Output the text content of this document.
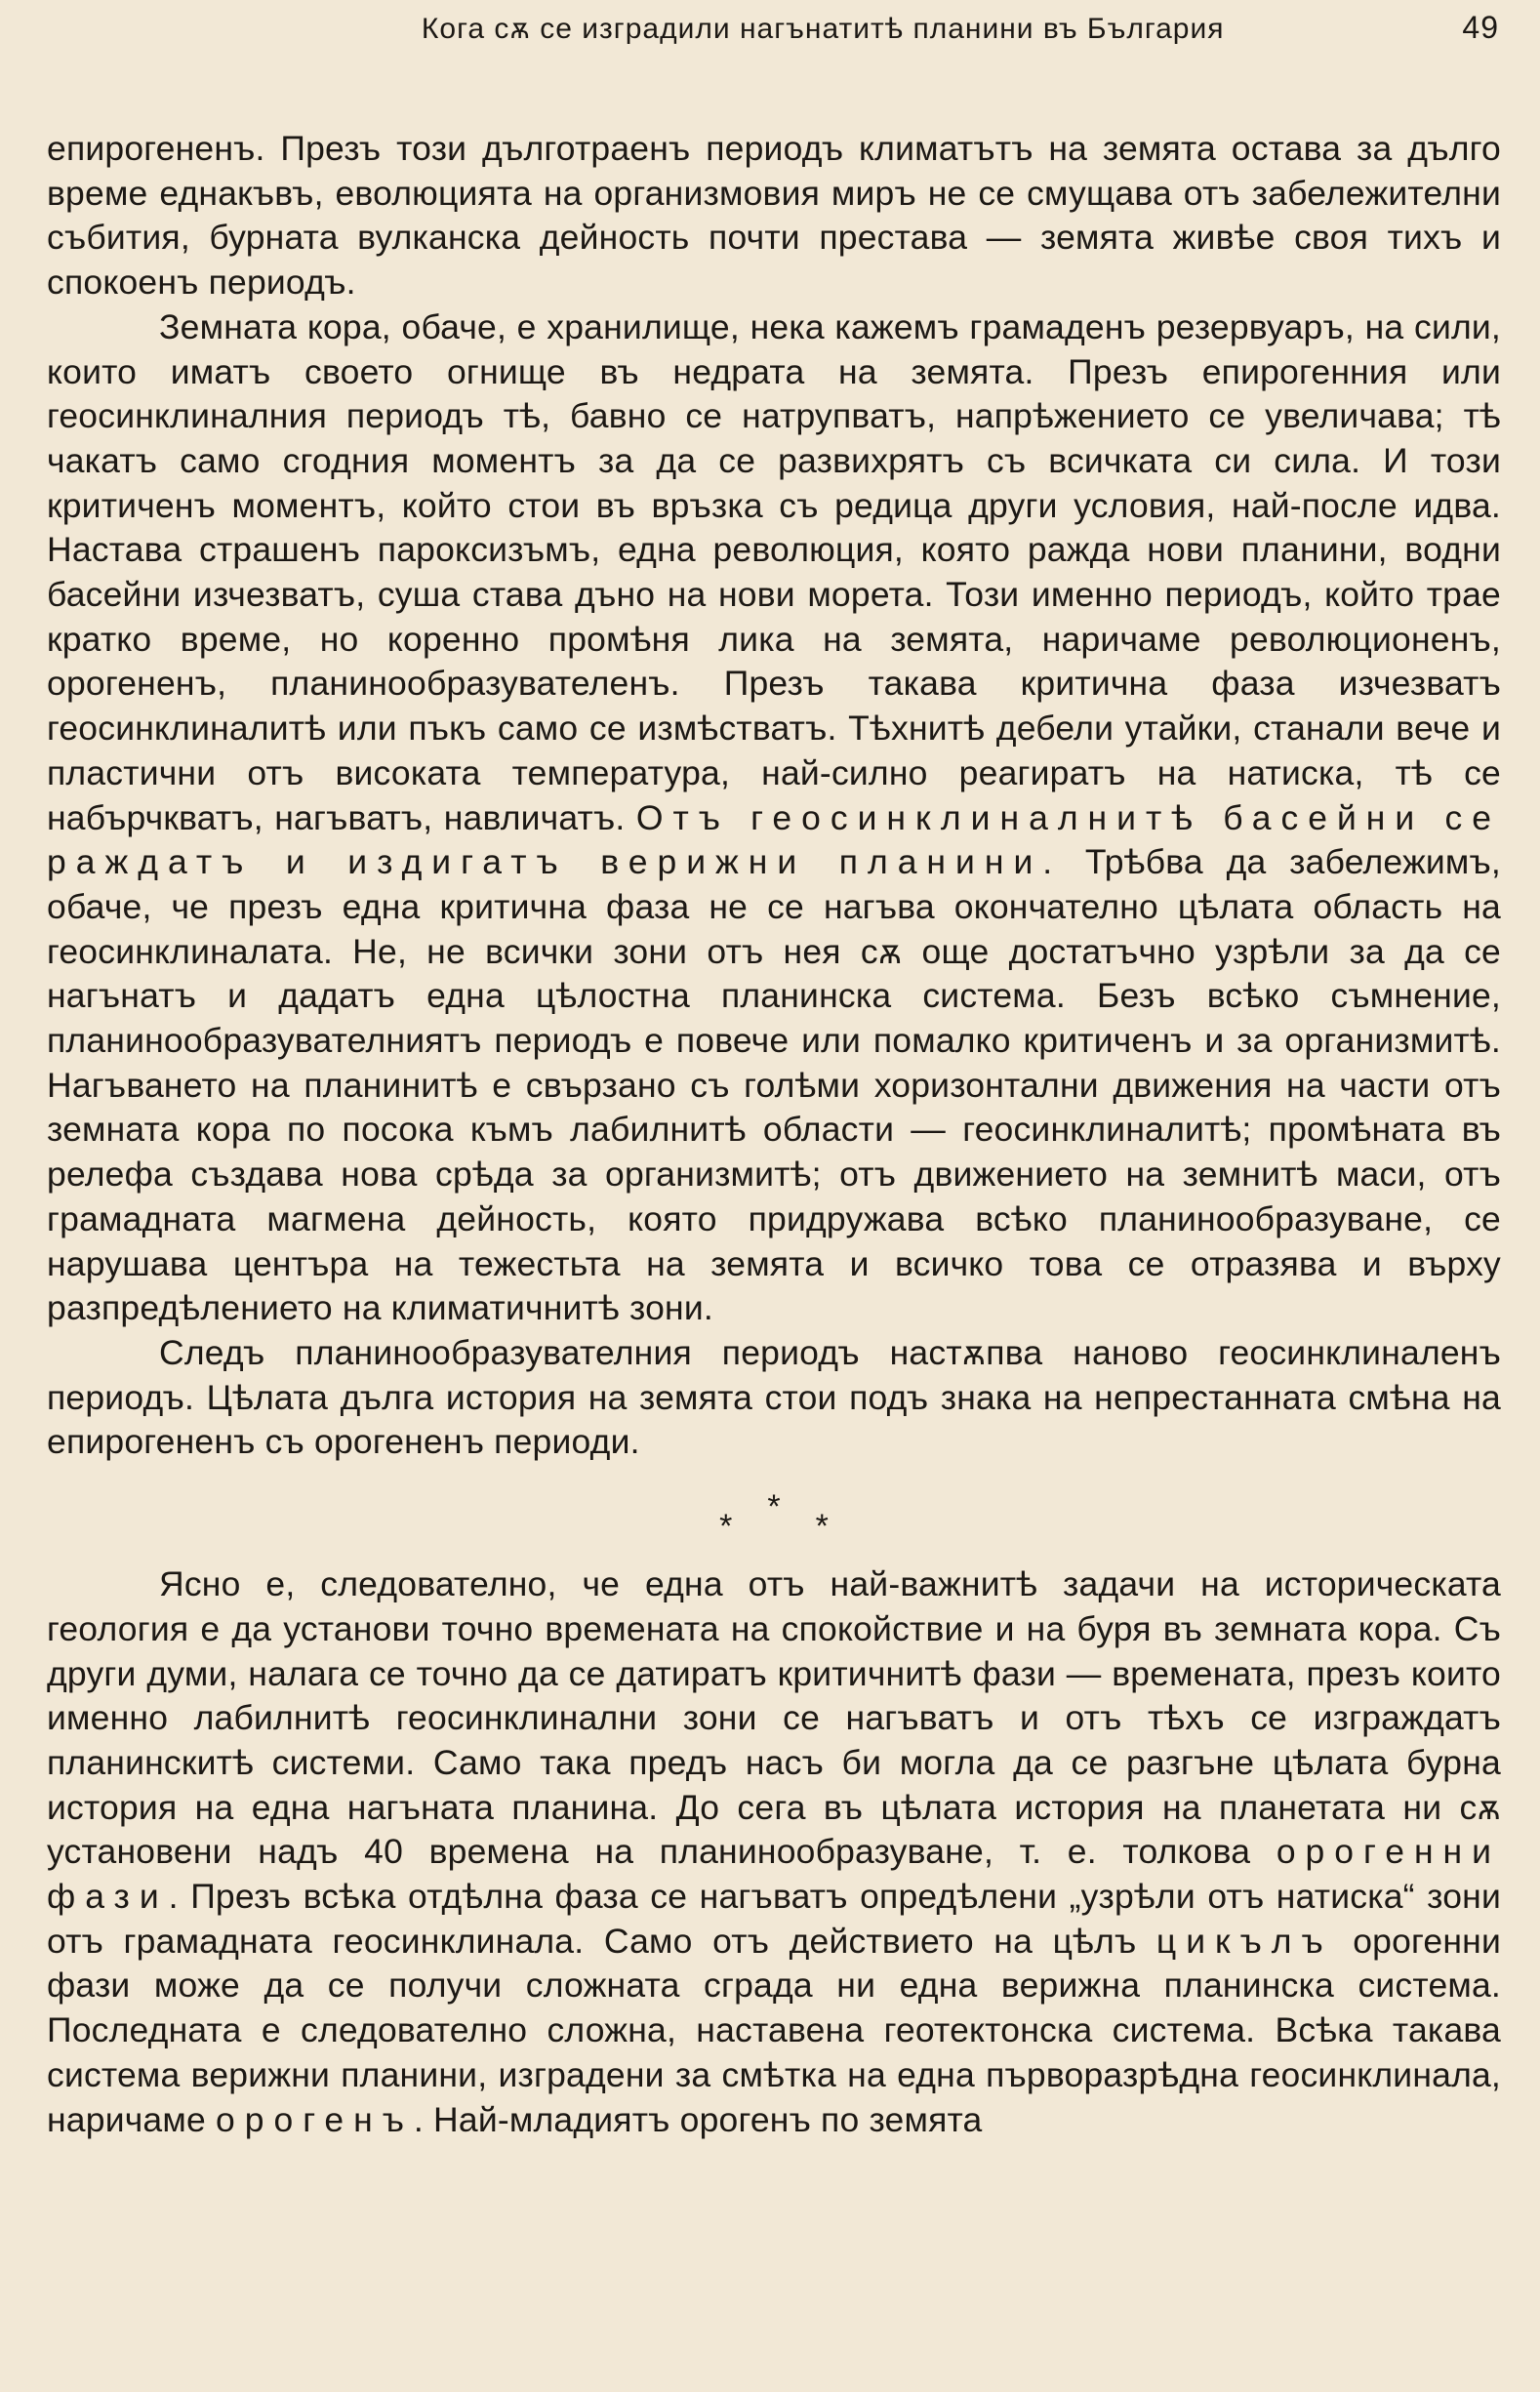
Кога сѫ се изградили нагънатитѣ планини въ България	49

епирогененъ. Презъ този дълготраенъ периодъ климатътъ на земята остава за дълго време еднакъвъ, еволюцията на организмовия миръ не се смущава отъ забележителни събития, бурната вулканска дейность почти престава — земята живѣе своя тихъ и спокоенъ периодъ.

Земната кора, обаче, е хранилище, нека кажемъ грамаденъ резервуаръ, на сили, които иматъ своето огнище въ недрата на земята. Презъ епирогенния или геосинклиналния периодъ тѣ, бавно се натрупватъ, напрѣжението се увеличава; тѣ чакатъ само сгодния моментъ за да се развихрятъ съ всичката си сила. И този критиченъ моментъ, който стои въ връзка съ редица други условия, най-после идва. Настава страшенъ пароксизъмъ, една революция, която ражда нови планини, водни басейни изчезватъ, суша става дъно на нови морета. Този именно периодъ, който трае кратко време, но коренно промѣня лика на земята, наричаме революционенъ, орогененъ, планинообразувателенъ. Презъ такава критична фаза изчезватъ геосинклиналитѣ или пъкъ само се измѣстватъ. Тѣхнитѣ дебели утайки, станали вече и пластични отъ високата температура, най-силно реагиратъ на натиска, тѣ се набърчкватъ, нагъватъ, навличатъ. Отъ геосинклиналнитѣ басейни се раждатъ и издигатъ верижни планини. Трѣбва да забележимъ, обаче, че презъ една критична фаза не се нагъва окончателно цѣлата область на геосинклиналата. Не, не всички зони отъ нея сѫ още достатъчно узрѣли за да се нагънатъ и дадатъ една цѣлостна планинска система. Безъ всѣко съмнение, планинообразувателниятъ периодъ е повече или помалко критиченъ и за организмитѣ. Нагъването на планинитѣ е свързано съ голѣми хоризонтални движения на части отъ земната кора по посока къмъ лабилнитѣ области — геосинклиналитѣ; промѣната въ релефа създава нова срѣда за организмитѣ; отъ движението на земнитѣ маси, отъ грамадната магмена дейность, която придружава всѣко планинообразуване, се нарушава центъра на тежестьта на земята и всичко това се отразява и върху разпредѣлението на климатичнитѣ зони.

Следъ планинообразувателния периодъ настѫпва наново геосинклиналенъ периодъ. Цѣлата дълга история на земята стои подъ знака на непрестанната смѣна на епирогененъ съ орогененъ периоди.

***

Ясно е, следователно, че една отъ най-важнитѣ задачи на историческата геология е да установи точно времената на спокойствие и на буря въ земната кора. Съ други думи, налага се точно да се датиратъ критичнитѣ фази — времената, презъ които именно лабилнитѣ геосинклинални зони се нагъватъ и отъ тѣхъ се изграждатъ планинскитѣ системи. Само така предъ насъ би могла да се разгъне цѣлата бурна история на една нагъната планина. До сега въ цѣлата история на планетата ни сѫ установени надъ 40 времена на планинообразуване, т. е. толкова орогенни фази. Презъ всѣка отдѣлна фаза се нагъватъ опредѣлени „узрѣли отъ натиска“ зони отъ грамадната геосинклинала. Само отъ действието на цѣлъ цикълъ орогенни фази може да се получи сложната сграда ни една верижна планинска система. Последната е следователно сложна, наставена геотектонска система. Всѣка такава система верижни планини, изградени за смѣтка на една първоразрѣдна геосинклинала, наричаме орогенъ. Най-младиятъ орогенъ по земята
